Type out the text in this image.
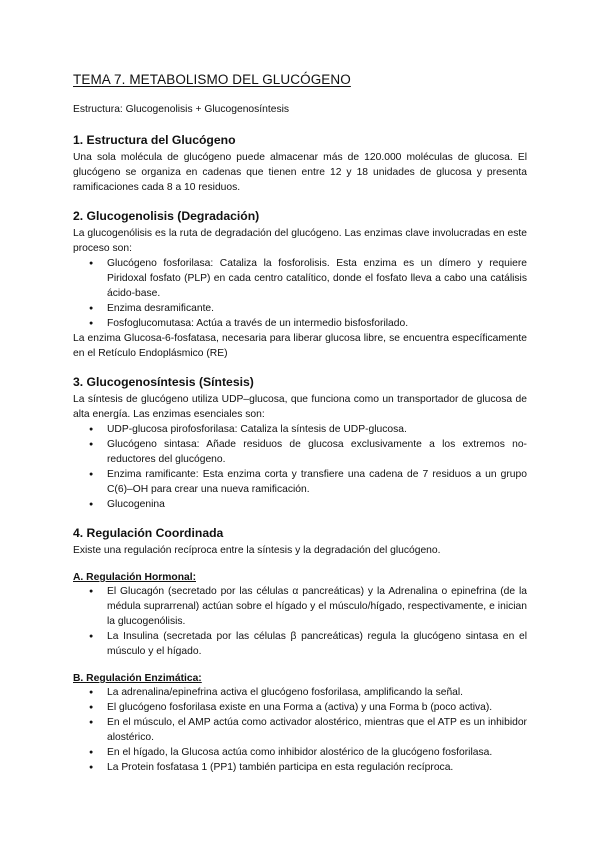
TEMA 7. METABOLISMO DEL GLUCÓGENO
Estructura: Glucogenolisis + Glucogenosíntesis
1. Estructura del Glucógeno

Una sola molécula de glucógeno puede almacenar más de 120.000 moléculas de glucosa. El glucógeno se organiza en cadenas que tienen entre 12 y 18 unidades de glucosa y presenta ramificaciones cada 8 a 10 residuos.

2. Glucogenolisis (Degradación)

La glucogenólisis es la ruta de degradación del glucógeno. Las enzimas clave involucradas en este proceso son:

● Glucógeno fosforilasa: Cataliza la fosforolisis. Esta enzima es un dímero y requiere Piridoxal fosfato (PLP) en cada centro catalítico, donde el fosfato lleva a cabo una catálisis ácido-base.
● Enzima desramificante.
● Fosfoglucomutasa: Actúa a través de un intermedio bisfosforilado.

La enzima Glucosa-6-fosfatasa, necesaria para liberar glucosa libre, se encuentra específicamente en el Retículo Endoplásmico (RE)

3. Glucogenosíntesis (Síntesis)

La síntesis de glucógeno utiliza UDP–glucosa, que funciona como un transportador de glucosa de alta energía. Las enzimas esenciales son:

● UDP-glucosa pirofosforilasa: Cataliza la síntesis de UDP-glucosa.
● Glucógeno sintasa: Añade residuos de glucosa exclusivamente a los extremos no-reductores del glucógeno.
● Enzima ramificante: Esta enzima corta y transfiere una cadena de 7 residuos a un grupo C(6)–OH para crear una nueva ramificación.
● Glucogenina
4. Regulación Coordinada

Existe una regulación recíproca entre la síntesis y la degradación del glucógeno.

A. Regulación Hormonal:
● El Glucagón (secretado por las células α pancreáticas) y la Adrenalina o epinefrina (de la médula suprarrenal) actúan sobre el hígado y el músculo/hígado, respectivamente, e inician la glucogenólisis.
● La Insulina (secretada por las células β pancreáticas) regula la glucógeno sintasa en el músculo y el hígado.
B. Regulación Enzimática:
● La adrenalina/epinefrina activa el glucógeno fosforilasa, amplificando la señal.
● El glucógeno fosforilasa existe en una Forma a (activa) y una Forma b (poco activa).
● En el músculo, el AMP actúa como activador alostérico, mientras que el ATP es un inhibidor alostérico.
● En el hígado, la Glucosa actúa como inhibidor alostérico de la glucógeno fosforilasa.
● La Protein fosfatasa 1 (PP1) también participa en esta regulación recíproca.
